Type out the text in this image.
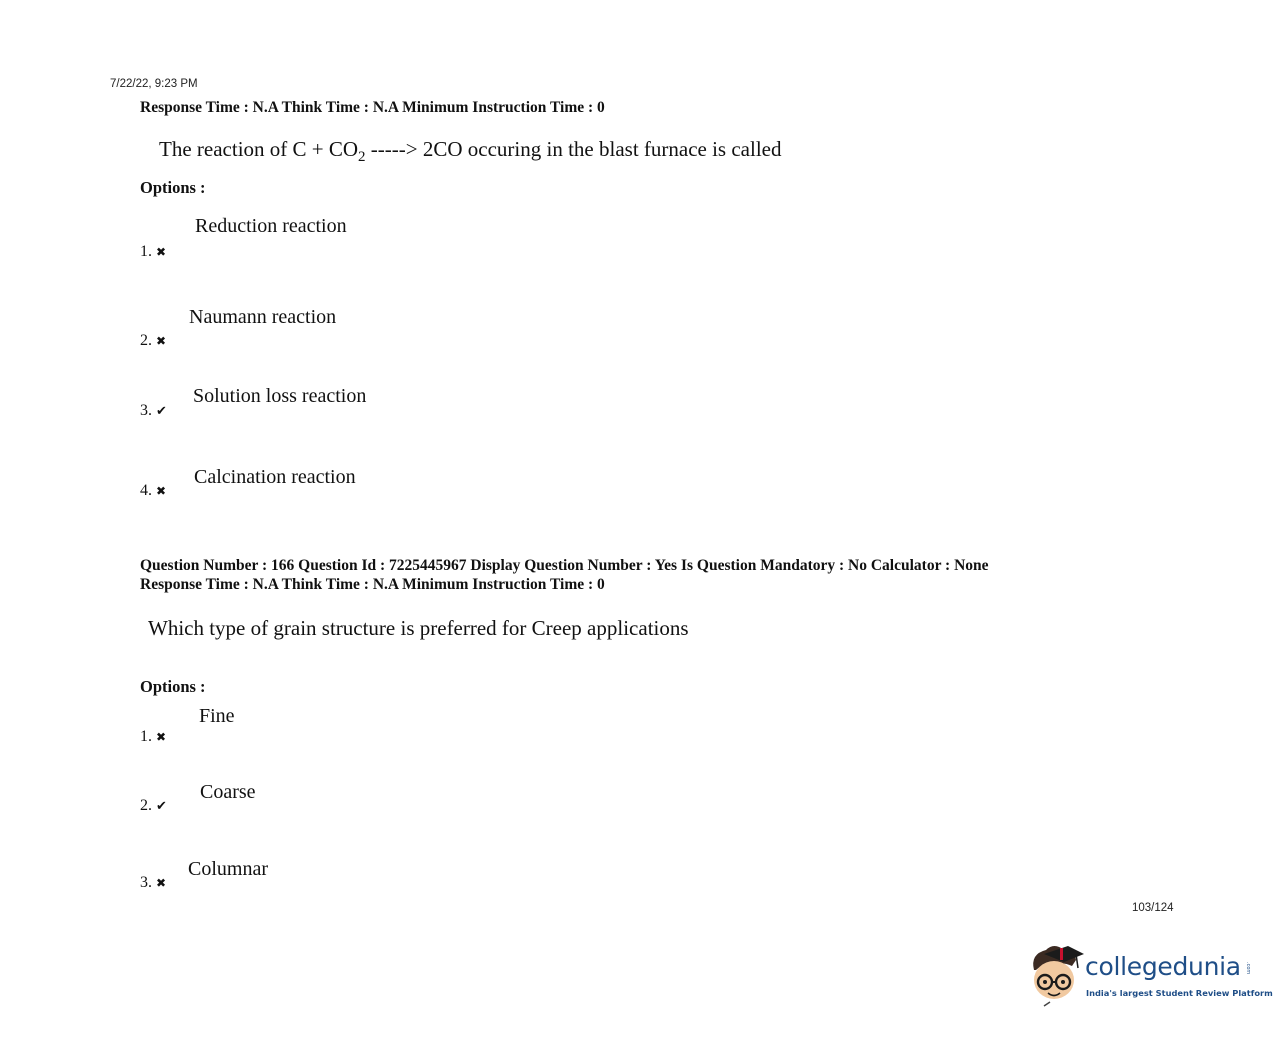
7/22/22, 9:23 PM
Response Time : N.A Think Time : N.A Minimum Instruction Time : 0
The reaction of $C + CO_2$ -----> 2CO occuring in the blast furnace is called
Options :
Reduction reaction
1. ✖
Naumann reaction
2. ✖
Solution loss reaction
3. ✔
Calcination reaction
4. ✖
Question Number : 166 Question Id : 7225445967 Display Question Number : Yes Is Question Mandatory : No Calculator : None
Response Time : N.A Think Time : N.A Minimum Instruction Time : 0
Which type of grain structure is preferred for Creep applications
Options :
Fine
1. ✖
Coarse
2. ✔
Columnar
3. ✖
103/124
collegedunia .com
India's largest Student Review Platform
